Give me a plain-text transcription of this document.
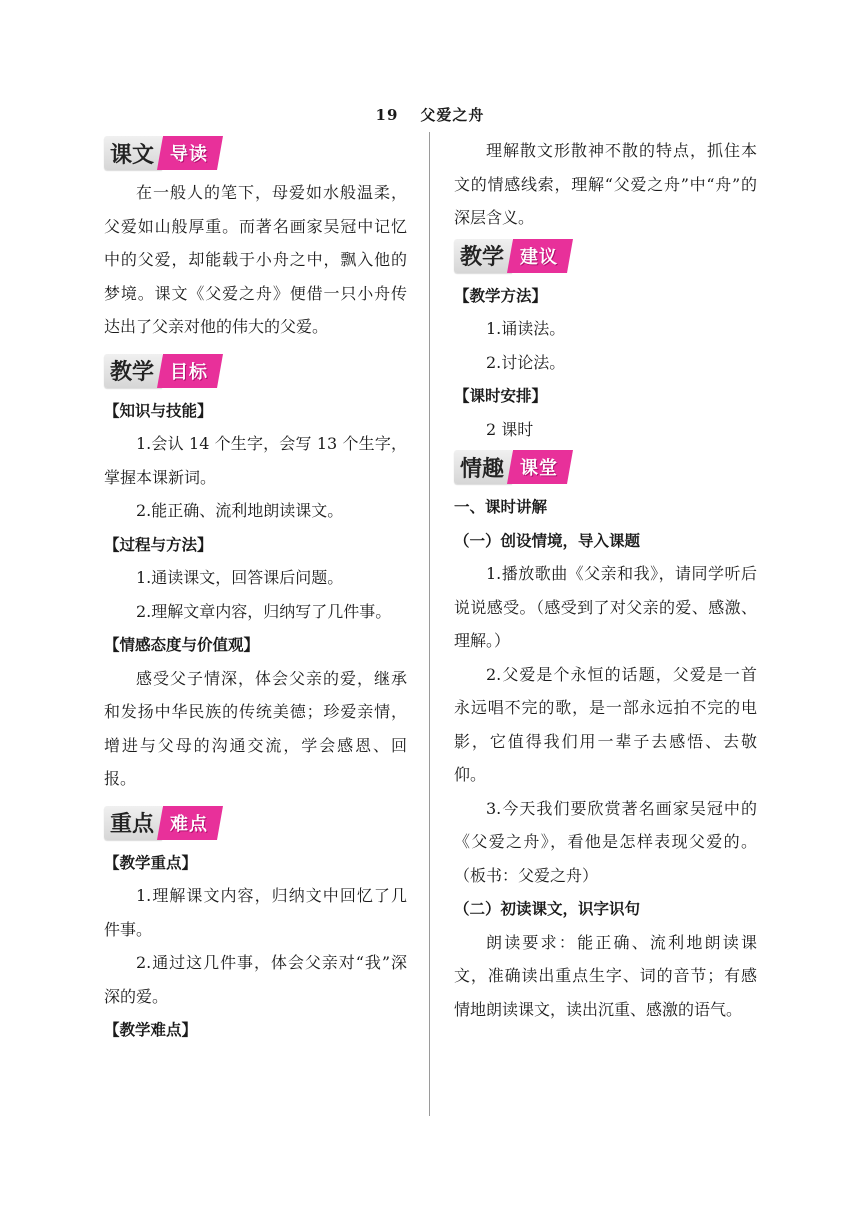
19 父爱之舟
课文 导读

在一般人的笔下，母爱如水般温柔，父爱如山般厚重。而著名画家吴冠中记忆中的父爱，却能载于小舟之中，飘入他的梦境。课文《父爱之舟》便借一只小舟传达出了父亲对他的伟大的父爱。

教学 目标

【知识与技能】

1.会认 14 个生字，会写 13 个生字，掌握本课新词。

2.能正确、流利地朗读课文。

【过程与方法】

1.通读课文，回答课后问题。

2.理解文章内容，归纳写了几件事。

【情感态度与价值观】

感受父子情深，体会父亲的爱，继承和发扬中华民族的传统美德；珍爱亲情，增进与父母的沟通交流，学会感恩、回报。

重点 难点

【教学重点】

1.理解课文内容，归纳文中回忆了几件事。

2.通过这几件事，体会父亲对“我”深深的爱。

【教学难点】

理解散文形散神不散的特点，抓住本文的情感线索，理解“父爱之舟”中“舟”的深层含义。

教学 建议

【教学方法】

1.诵读法。

2.讨论法。

【课时安排】

2 课时

情趣 课堂

一、课时讲解

（一）创设情境，导入课题

1.播放歌曲《父亲和我》，请同学听后说说感受。（感受到了对父亲的爱、感激、理解。）

2.父爱是个永恒的话题，父爱是一首永远唱不完的歌，是一部永远拍不完的电影，它值得我们用一辈子去感悟、去敬仰。

3.今天我们要欣赏著名画家吴冠中的《父爱之舟》，看他是怎样表现父爱的。（板书：父爱之舟）

（二）初读课文，识字识句

朗读要求：能正确、流利地朗读课文，准确读出重点生字、词的音节；有感情地朗读课文，读出沉重、感激的语气。
